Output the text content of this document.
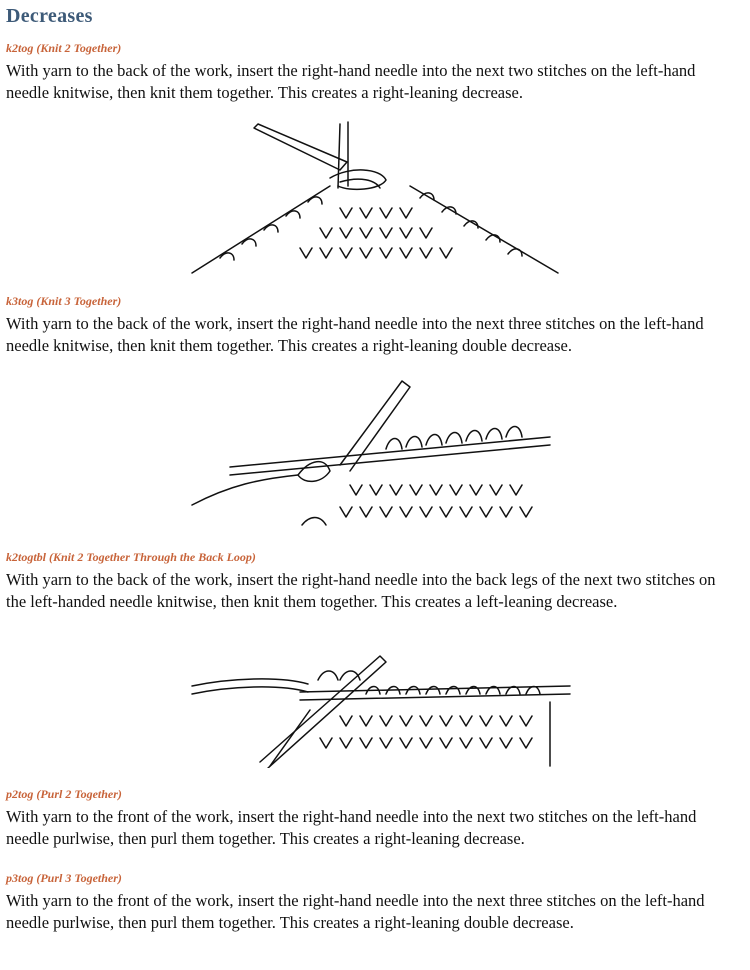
Decreases

k2tog (Knit 2 Together)

With yarn to the back of the work, insert the right-hand needle into the next two stitches on the left-hand needle knitwise, then knit them together. This creates a right-leaning decrease.

k3tog (Knit 3 Together)

With yarn to the back of the work, insert the right-hand needle into the next three stitches on the left-hand needle knitwise, then knit them together. This creates a right-leaning double decrease.

k2togtbl (Knit 2 Together Through the Back Loop)

With yarn to the back of the work, insert the right-hand needle into the back legs of the next two stitches on the left-handed needle knitwise, then knit them together. This creates a left-leaning decrease.

p2tog (Purl 2 Together)

With yarn to the front of the work, insert the right-hand needle into the next two stitches on the left-hand needle purlwise, then purl them together. This creates a right-leaning decrease.

p3tog (Purl 3 Together)

With yarn to the front of the work, insert the right-hand needle into the next three stitches on the left-hand needle purlwise, then purl them together. This creates a right-leaning double decrease.
